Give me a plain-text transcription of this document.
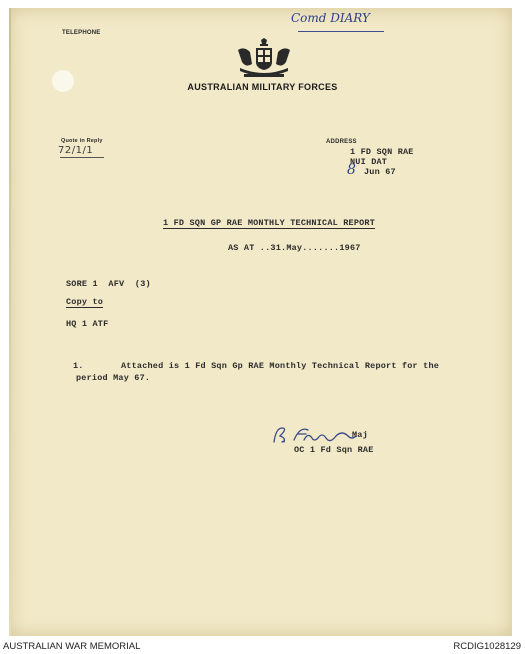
TELEPHONE
Comd DIARY
AUSTRALIAN MILITARY FORCES
Quote in Reply
72/1/1
ADDRESS
1 FD SQN RAE
NUI DAT
8 Jun 67
1 FD SQN GP RAE MONTHLY TECHNICAL REPORT
AS AT ..31.May.......1967
SORE 1  AFV  (3)
Copy to
HQ 1 ATF
1.	Attached is 1 Fd Sqn Gp RAE Monthly Technical Report for the
period May 67.
Maj
OC 1 Fd Sqn RAE
AUSTRALIAN WAR MEMORIAL	RCDIG1028129
